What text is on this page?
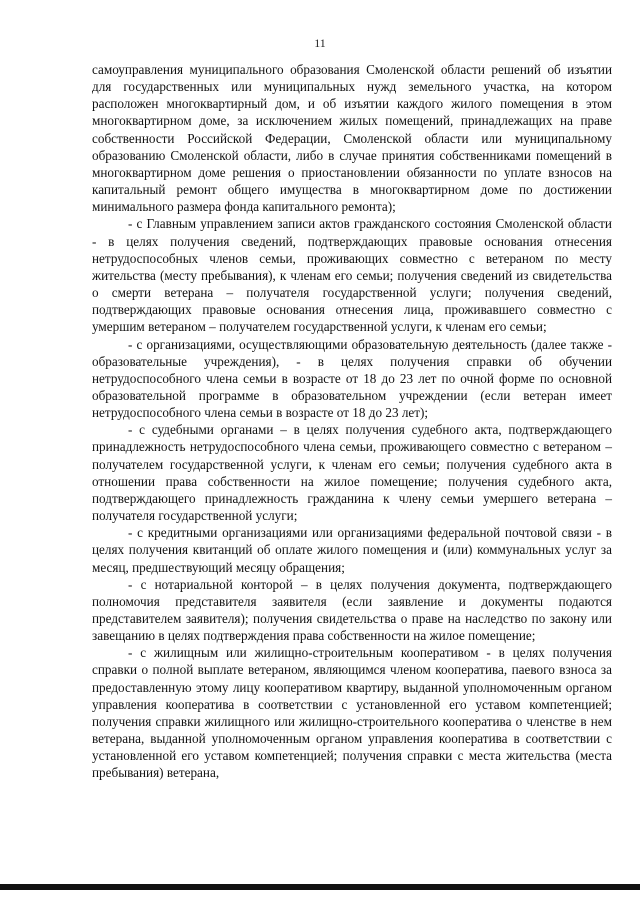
11

самоуправления муниципального образования Смоленской области решений об изъятии для государственных или муниципальных нужд земельного участка, на котором расположен многоквартирный дом, и об изъятии каждого жилого помещения в этом многоквартирном доме, за исключением жилых помещений, принадлежащих на праве собственности Российской Федерации, Смоленской области или муниципальному образованию Смоленской области, либо в случае принятия собственниками помещений в многоквартирном доме решения о приостановлении обязанности по уплате взносов на капитальный ремонт общего имущества в многоквартирном доме по достижении минимального размера фонда капитального ремонта);

- с Главным управлением записи актов гражданского состояния Смоленской области - в целях получения сведений, подтверждающих правовые основания отнесения нетрудоспособных членов семьи, проживающих совместно с ветераном по месту жительства (месту пребывания), к членам его семьи; получения сведений из свидетельства о смерти ветерана – получателя государственной услуги; получения сведений, подтверждающих правовые основания отнесения лица, проживавшего совместно с умершим ветераном – получателем государственной услуги, к членам его семьи;

- с организациями, осуществляющими образовательную деятельность (далее также - образовательные учреждения), - в целях получения справки об обучении нетрудоспособного члена семьи в возрасте от 18 до 23 лет по очной форме по основной образовательной программе в образовательном учреждении (если ветеран имеет нетрудоспособного члена семьи в возрасте от 18 до 23 лет);

- с судебными органами – в целях получения судебного акта, подтверждающего принадлежность нетрудоспособного члена семьи, проживающего совместно с ветераном – получателем государственной услуги, к членам его семьи; получения судебного акта в отношении права собственности на жилое помещение; получения судебного акта, подтверждающего принадлежность гражданина к члену семьи умершего ветерана – получателя государственной услуги;

- с кредитными организациями или организациями федеральной почтовой связи - в целях получения квитанций об оплате жилого помещения и (или) коммунальных услуг за месяц, предшествующий месяцу обращения;

- с нотариальной конторой – в целях получения документа, подтверждающего полномочия представителя заявителя (если заявление и документы подаются представителем заявителя); получения свидетельства о праве на наследство по закону или завещанию в целях подтверждения права собственности на жилое помещение;

- с жилищным или жилищно-строительным кооперативом - в целях получения справки о полной выплате ветераном, являющимся членом кооператива, паевого взноса за предоставленную этому лицу кооперативом квартиру, выданной уполномоченным органом управления кооператива в соответствии с установленной его уставом компетенцией; получения справки жилищного или жилищно-строительного кооператива о членстве в нем ветерана, выданной уполномоченным органом управления кооператива в соответствии с установленной его уставом компетенцией; получения справки с места жительства (места пребывания) ветерана,
